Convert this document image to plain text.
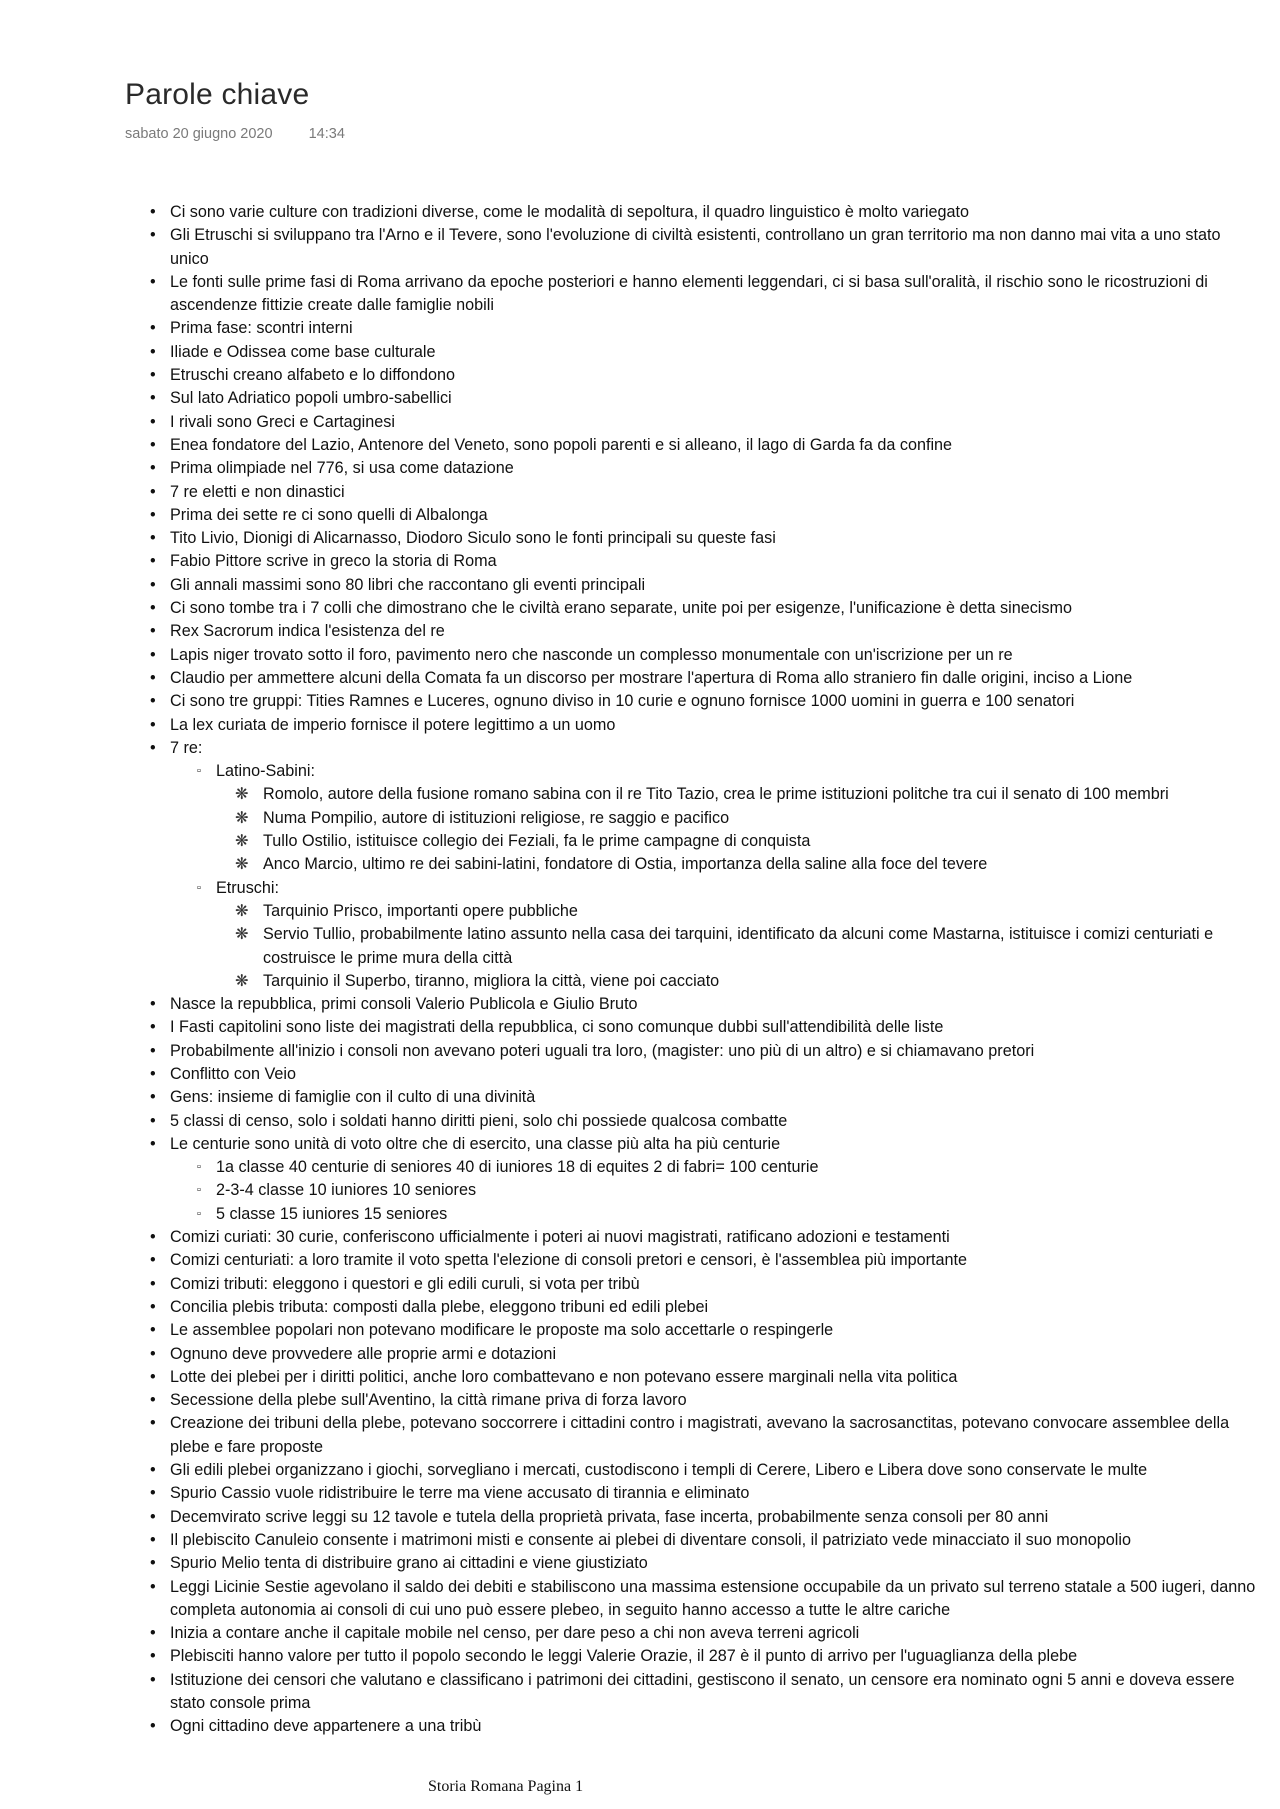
Parole chiave
sabato 20 giugno 2020 14:34
• Ci sono varie culture con tradizioni diverse, come le modalità di sepoltura, il quadro linguistico è molto variegato
• Gli Etruschi si sviluppano tra l'Arno e il Tevere, sono l'evoluzione di civiltà esistenti, controllano un gran territorio ma non danno mai vita a uno stato unico
• Le fonti sulle prime fasi di Roma arrivano da epoche posteriori e hanno elementi leggendari, ci si basa sull'oralità, il rischio sono le ricostruzioni di ascendenze fittizie create dalle famiglie nobili
• Prima fase: scontri interni
• Iliade e Odissea come base culturale
• Etruschi creano alfabeto e lo diffondono
• Sul lato Adriatico popoli umbro-sabellici
• I rivali sono Greci e Cartaginesi
• Enea fondatore del Lazio, Antenore del Veneto, sono popoli parenti e si alleano, il lago di Garda fa da confine
• Prima olimpiade nel 776, si usa come datazione
• 7 re eletti e non dinastici
• Prima dei sette re ci sono quelli di Albalonga
• Tito Livio, Dionigi di Alicarnasso, Diodoro Siculo sono le fonti principali su queste fasi
• Fabio Pittore scrive in greco la storia di Roma
• Gli annali massimi sono 80 libri che raccontano gli eventi principali
• Ci sono tombe tra i 7 colli che dimostrano che le civiltà erano separate, unite poi per esigenze, l'unificazione è detta sinecismo
• Rex Sacrorum indica l'esistenza del re
• Lapis niger trovato sotto il foro, pavimento nero che nasconde un complesso monumentale con un'iscrizione per un re
• Claudio per ammettere alcuni della Comata fa un discorso per mostrare l'apertura di Roma allo straniero fin dalle origini, inciso a Lione
• Ci sono tre gruppi: Tities Ramnes e Luceres, ognuno diviso in 10 curie e ognuno fornisce 1000 uomini in guerra e 100 senatori
• La lex curiata de imperio fornisce il potere legittimo a un uomo
• 7 re:
▫ Latino-Sabini:
❋ Romolo, autore della fusione romano sabina con il re Tito Tazio, crea le prime istituzioni politche tra cui il senato di 100 membri
❋ Numa Pompilio, autore di istituzioni religiose, re saggio e pacifico
❋ Tullo Ostilio, istituisce collegio dei Feziali, fa le prime campagne di conquista
❋ Anco Marcio, ultimo re dei sabini-latini, fondatore di Ostia, importanza della saline alla foce del tevere
▫ Etruschi:
❋ Tarquinio Prisco, importanti opere pubbliche
❋ Servio Tullio, probabilmente latino assunto nella casa dei tarquini, identificato da alcuni come Mastarna, istituisce i comizi centuriati e costruisce le prime mura della città
❋ Tarquinio il Superbo, tiranno, migliora la città, viene poi cacciato
• Nasce la repubblica, primi consoli Valerio Publicola e Giulio Bruto
• I Fasti capitolini sono liste dei magistrati della repubblica, ci sono comunque dubbi sull'attendibilità delle liste
• Probabilmente all'inizio i consoli non avevano poteri uguali tra loro, (magister: uno più di un altro) e si chiamavano pretori
• Conflitto con Veio
• Gens: insieme di famiglie con il culto di una divinità
• 5 classi di censo, solo i soldati hanno diritti pieni, solo chi possiede qualcosa combatte
• Le centurie sono unità di voto oltre che di esercito, una classe più alta ha più centurie
▫ 1a classe 40 centurie di seniores 40 di iuniores 18 di equites 2 di fabri= 100 centurie
▫ 2-3-4 classe 10 iuniores 10 seniores
▫ 5 classe 15 iuniores 15 seniores
• Comizi curiati: 30 curie, conferiscono ufficialmente i poteri ai nuovi magistrati, ratificano adozioni e testamenti
• Comizi centuriati: a loro tramite il voto spetta l'elezione di consoli pretori e censori, è l'assemblea più importante
• Comizi tributi: eleggono i questori e gli edili curuli, si vota per tribù
• Concilia plebis tributa: composti dalla plebe, eleggono tribuni ed edili plebei
• Le assemblee popolari non potevano modificare le proposte ma solo accettarle o respingerle
• Ognuno deve provvedere alle proprie armi e dotazioni
• Lotte dei plebei per i diritti politici, anche loro combattevano e non potevano essere marginali nella vita politica
• Secessione della plebe sull'Aventino, la città rimane priva di forza lavoro
• Creazione dei tribuni della plebe, potevano soccorrere i cittadini contro i magistrati, avevano la sacrosanctitas, potevano convocare assemblee della plebe e fare proposte
• Gli edili plebei organizzano i giochi, sorvegliano i mercati, custodiscono i templi di Cerere, Libero e Libera dove sono conservate le multe
• Spurio Cassio vuole ridistribuire le terre ma viene accusato di tirannia e eliminato
• Decemvirato scrive leggi su 12 tavole e tutela della proprietà privata, fase incerta, probabilmente senza consoli per 80 anni
• Il plebiscito Canuleio consente i matrimoni misti e consente ai plebei di diventare consoli, il patriziato vede minacciato il suo monopolio
• Spurio Melio tenta di distribuire grano ai cittadini e viene giustiziato
• Leggi Licinie Sestie agevolano il saldo dei debiti e stabiliscono una massima estensione occupabile da un privato sul terreno statale a 500 iugeri, danno completa autonomia ai consoli di cui uno può essere plebeo, in seguito hanno accesso a tutte le altre cariche
• Inizia a contare anche il capitale mobile nel censo, per dare peso a chi non aveva terreni agricoli
• Plebisciti hanno valore per tutto il popolo secondo le leggi Valerie Orazie, il 287 è il punto di arrivo per l'uguaglianza della plebe
• Istituzione dei censori che valutano e classificano i patrimoni dei cittadini, gestiscono il senato, un censore era nominato ogni 5 anni e doveva essere stato console prima
• Ogni cittadino deve appartenere a una tribù
Storia Romana Pagina 1
